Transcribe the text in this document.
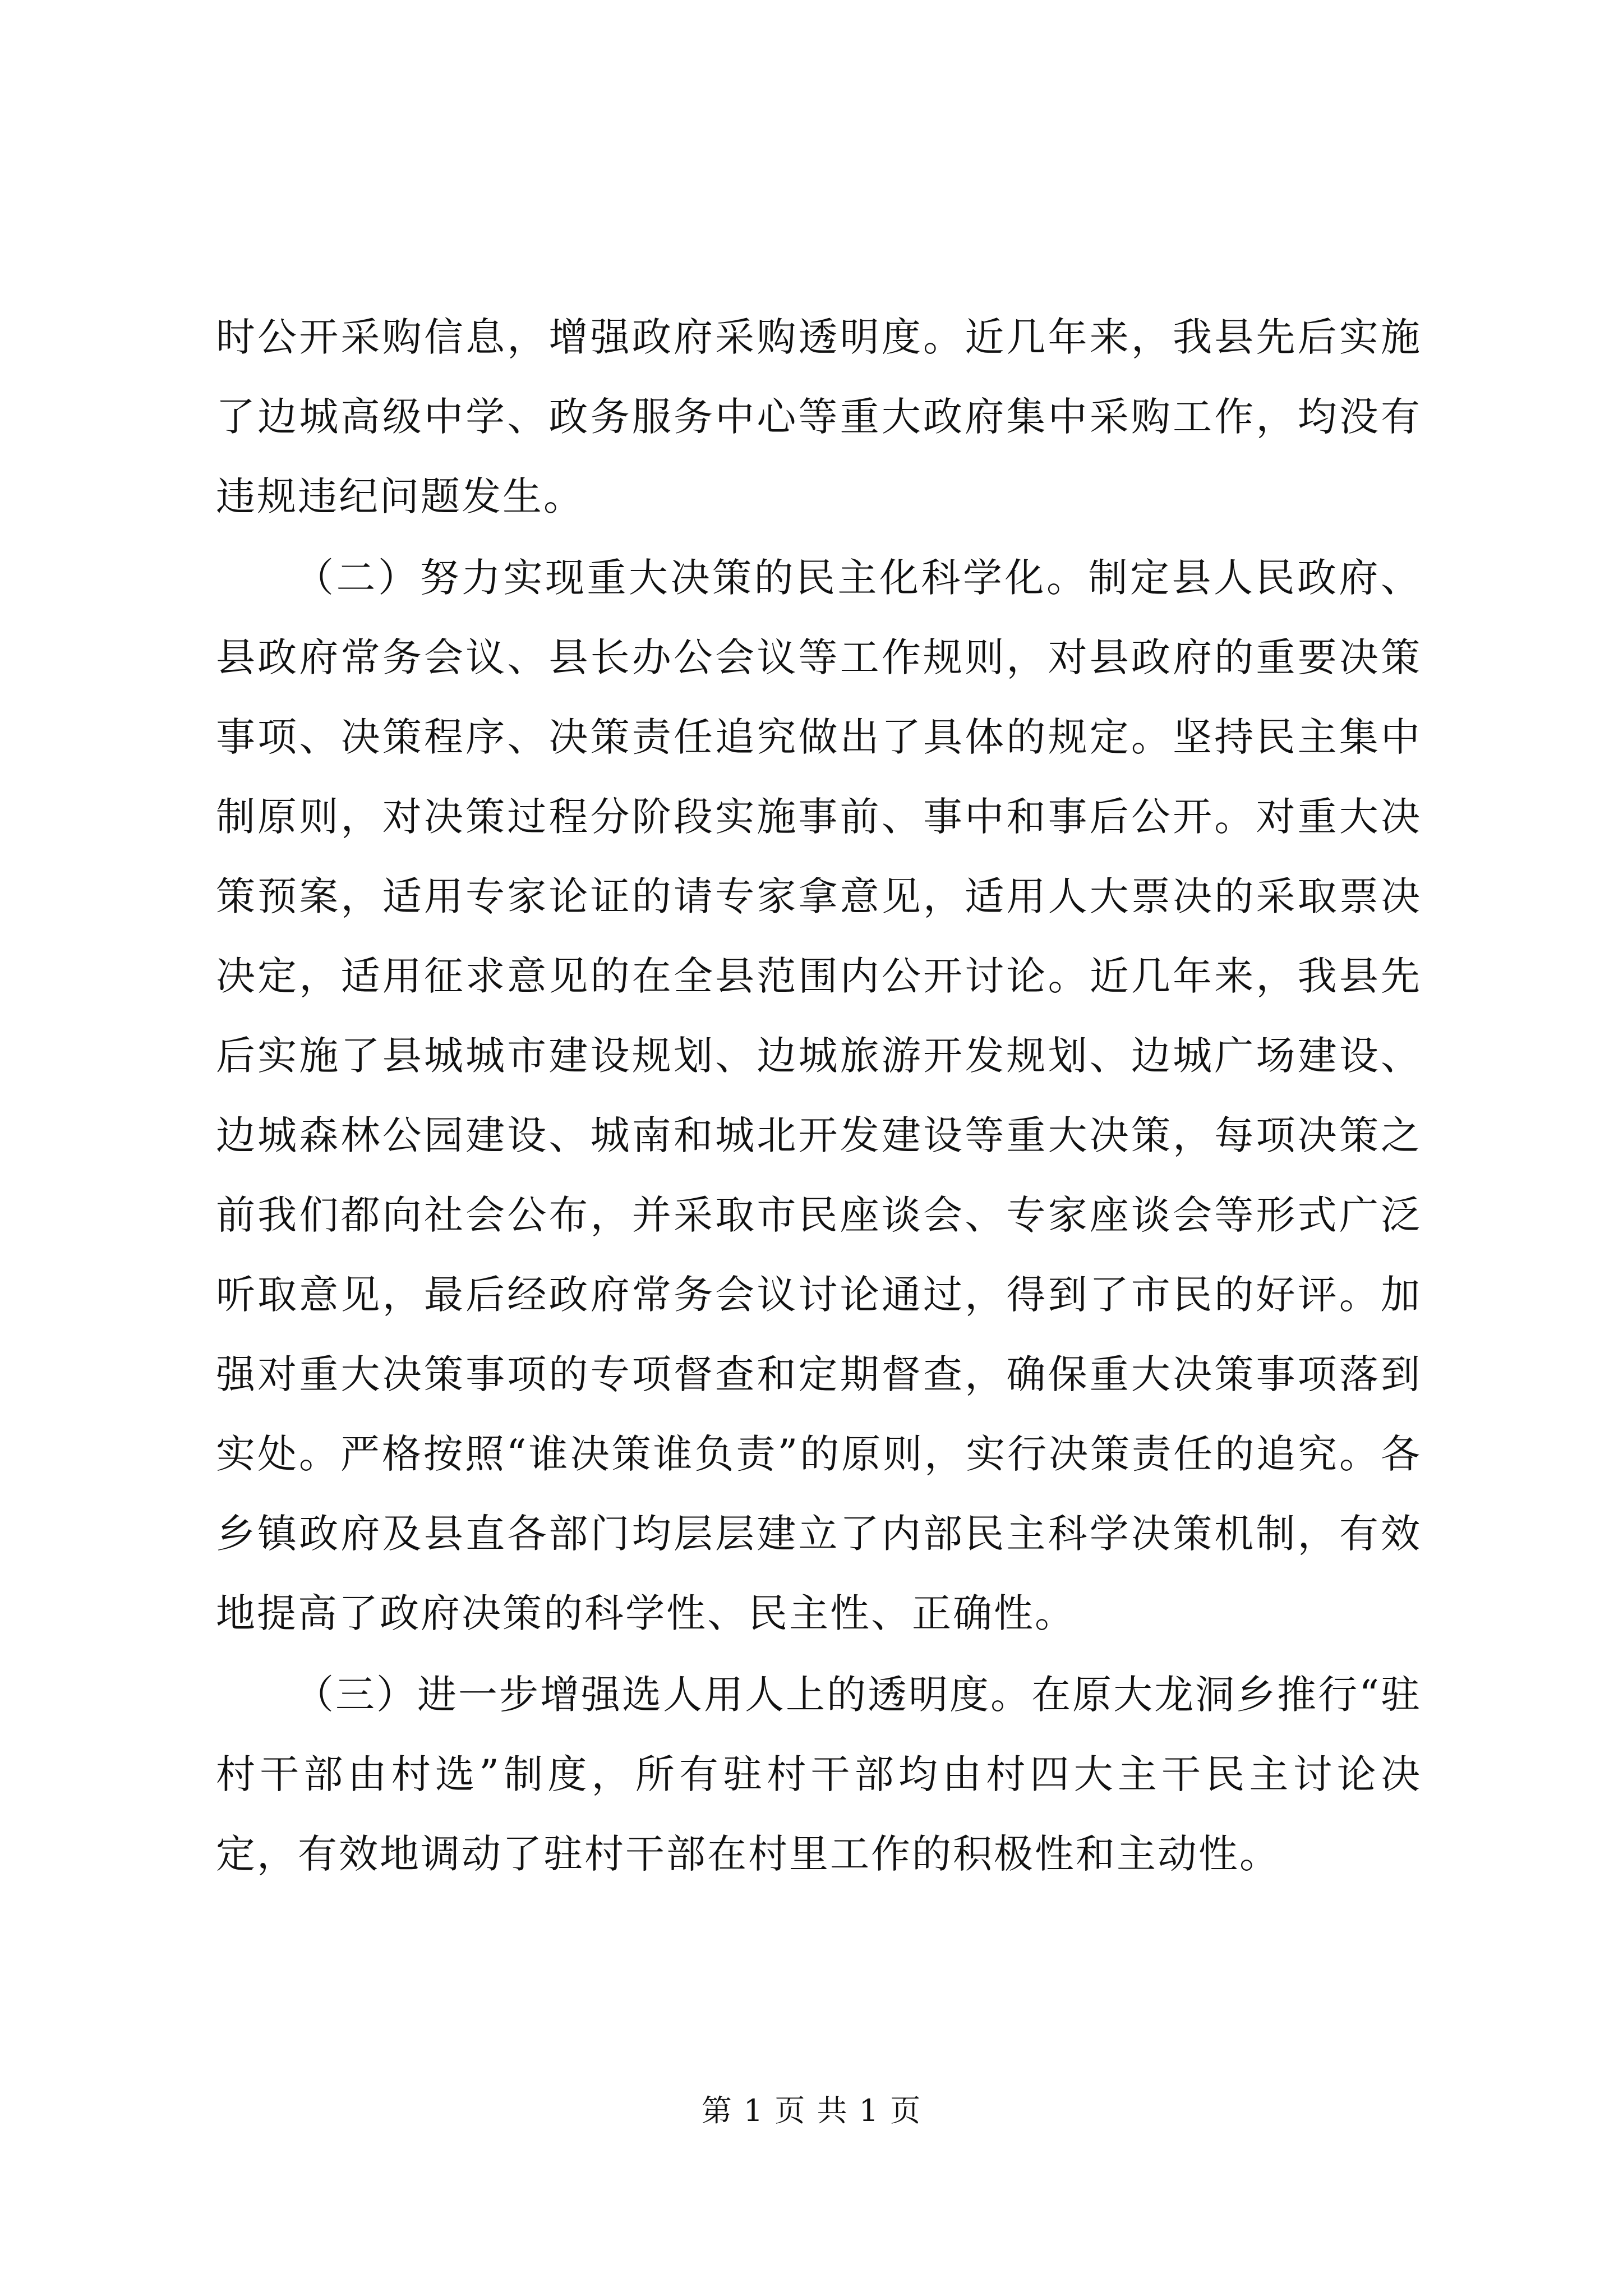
时公开采购信息，增强政府采购透明度。近几年来，我县先后实施了边城高级中学、政务服务中心等重大政府集中采购工作，均没有违规违纪问题发生。

（二）努力实现重大决策的民主化科学化。制定县人民政府、县政府常务会议、县长办公会议等工作规则，对县政府的重要决策事项、决策程序、决策责任追究做出了具体的规定。坚持民主集中制原则，对决策过程分阶段实施事前、事中和事后公开。对重大决策预案，适用专家论证的请专家拿意见，适用人大票决的采取票决决定，适用征求意见的在全县范围内公开讨论。近几年来，我县先后实施了县城城市建设规划、边城旅游开发规划、边城广场建设、边城森林公园建设、城南和城北开发建设等重大决策，每项决策之前我们都向社会公布，并采取市民座谈会、专家座谈会等形式广泛听取意见，最后经政府常务会议讨论通过，得到了市民的好评。加强对重大决策事项的专项督查和定期督查，确保重大决策事项落到实处。严格按照“谁决策谁负责”的原则，实行决策责任的追究。各乡镇政府及县直各部门均层层建立了内部民主科学决策机制，有效地提高了政府决策的科学性、民主性、正确性。

（三）进一步增强选人用人上的透明度。在原大龙洞乡推行“驻村干部由村选”制度，所有驻村干部均由村四大主干民主讨论决定，有效地调动了驻村干部在村里工作的积极性和主动性。

第 1 页 共 1 页
